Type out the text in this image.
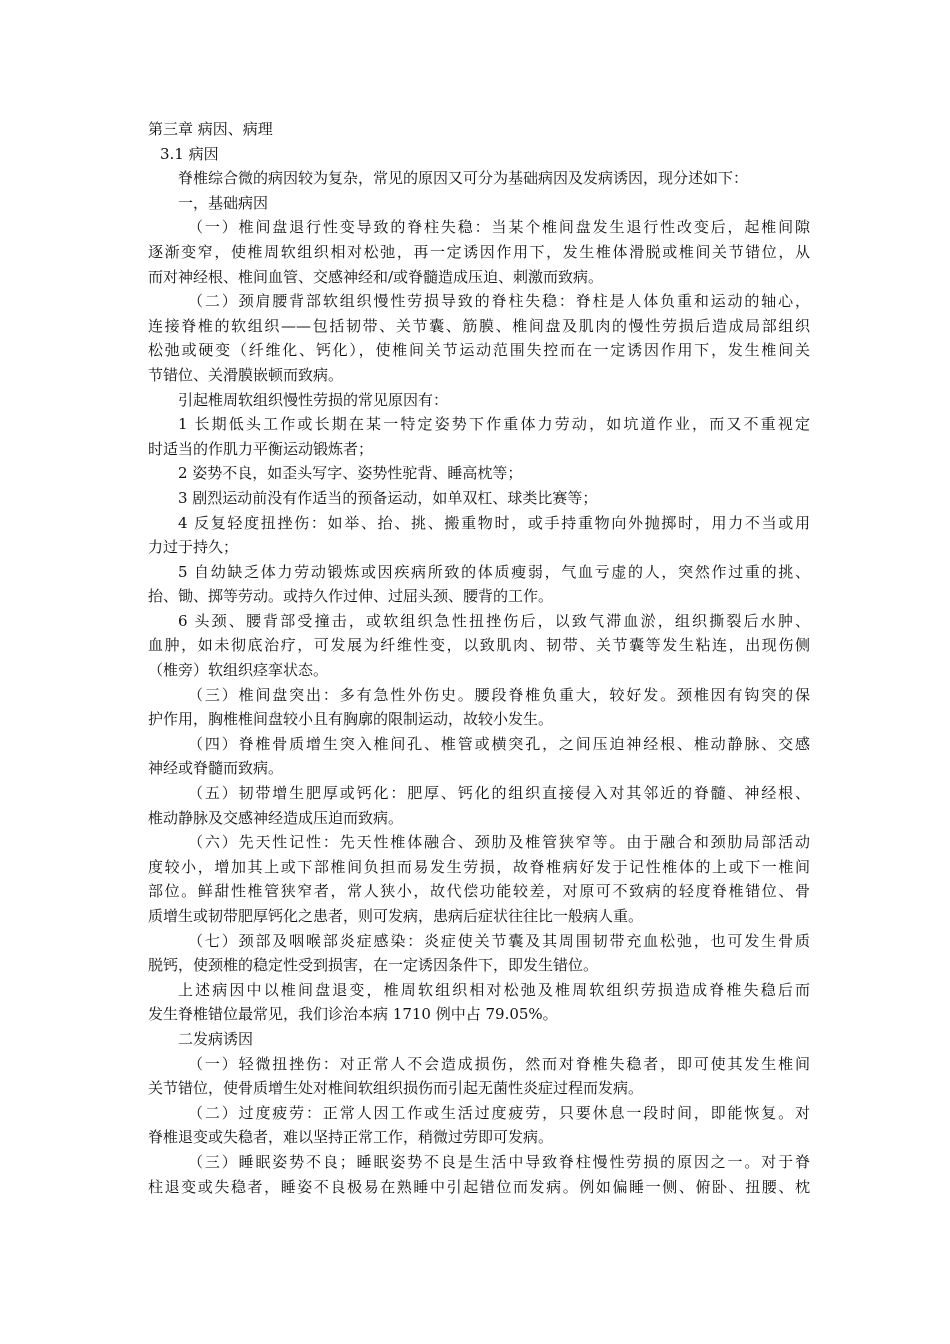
第三章 病因、病理

3.1 病因

脊椎综合微的病因较为复杂，常见的原因又可分为基础病因及发病诱因，现分述如下：

一，基础病因

（一）椎间盘退行性变导致的脊柱失稳：当某个椎间盘发生退行性改变后，起椎间隙

逐渐变窄，使椎周软组织相对松弛，再一定诱因作用下，发生椎体滑脱或椎间关节错位，从

而对神经根、椎间血管、交感神经和/或脊髓造成压迫、刺激而致病。

（二）颈肩腰背部软组织慢性劳损导致的脊柱失稳：脊柱是人体负重和运动的轴心，

连接脊椎的软组织——包括韧带、关节囊、筋膜、椎间盘及肌肉的慢性劳损后造成局部组织

松弛或硬变（纤维化、钙化），使椎间关节运动范围失控而在一定诱因作用下，发生椎间关

节错位、关滑膜嵌顿而致病。

引起椎周软组织慢性劳损的常见原因有：

1 长期低头工作或长期在某一特定姿势下作重体力劳动，如坑道作业，而又不重视定

时适当的作肌力平衡运动锻炼者；

2 姿势不良，如歪头写字、姿势性驼背、睡高枕等；

3 剧烈运动前没有作适当的预备运动，如单双杠、球类比赛等；

4 反复轻度扭挫伤：如举、抬、挑、搬重物时，或手持重物向外抛掷时，用力不当或用

力过于持久；

5 自幼缺乏体力劳动锻炼或因疾病所致的体质瘦弱，气血亏虚的人，突然作过重的挑、

抬、锄、掷等劳动。或持久作过伸、过屈头颈、腰背的工作。

6 头颈、腰背部受撞击，或软组织急性扭挫伤后，以致气滞血淤，组织撕裂后水肿、

血肿，如未彻底治疗，可发展为纤维性变，以致肌肉、韧带、关节囊等发生粘连，出现伤侧

（椎旁）软组织痉挛状态。

（三）椎间盘突出：多有急性外伤史。腰段脊椎负重大，较好发。颈椎因有钩突的保

护作用，胸椎椎间盘较小且有胸廓的限制运动，故较小发生。

（四）脊椎骨质增生突入椎间孔、椎管或横突孔，之间压迫神经根、椎动静脉、交感

神经或脊髓而致病。

（五）韧带增生肥厚或钙化：肥厚、钙化的组织直接侵入对其邻近的脊髓、神经根、

椎动静脉及交感神经造成压迫而致病。

（六）先天性记性：先天性椎体融合、颈肋及椎管狭窄等。由于融合和颈肋局部活动

度较小，增加其上或下部椎间负担而易发生劳损，故脊椎病好发于记性椎体的上或下一椎间

部位。鲜甜性椎管狭窄者，常人狭小，故代偿功能较差，对原可不致病的轻度脊椎错位、骨

质增生或韧带肥厚钙化之患者，则可发病，患病后症状往往比一般病人重。

（七）颈部及咽喉部炎症感染：炎症使关节囊及其周围韧带充血松弛，也可发生骨质

脱钙，使颈椎的稳定性受到损害，在一定诱因条件下，即发生错位。

上述病因中以椎间盘退变，椎周软组织相对松弛及椎周软组织劳损造成脊椎失稳后而

发生脊椎错位最常见，我们诊治本病 1710 例中占 79.05%。

二发病诱因

（一）轻微扭挫伤：对正常人不会造成损伤，然而对脊椎失稳者，即可使其发生椎间

关节错位，使骨质增生处对椎间软组织损伤而引起无菌性炎症过程而发病。

（二）过度疲劳：正常人因工作或生活过度疲劳，只要休息一段时间，即能恢复。对

脊椎退变或失稳者，难以坚持正常工作，稍微过劳即可发病。

（三）睡眠姿势不良；睡眠姿势不良是生活中导致脊柱慢性劳损的原因之一。对于脊

柱退变或失稳者，睡姿不良极易在熟睡中引起错位而发病。例如偏睡一侧、俯卧、扭腰、枕
